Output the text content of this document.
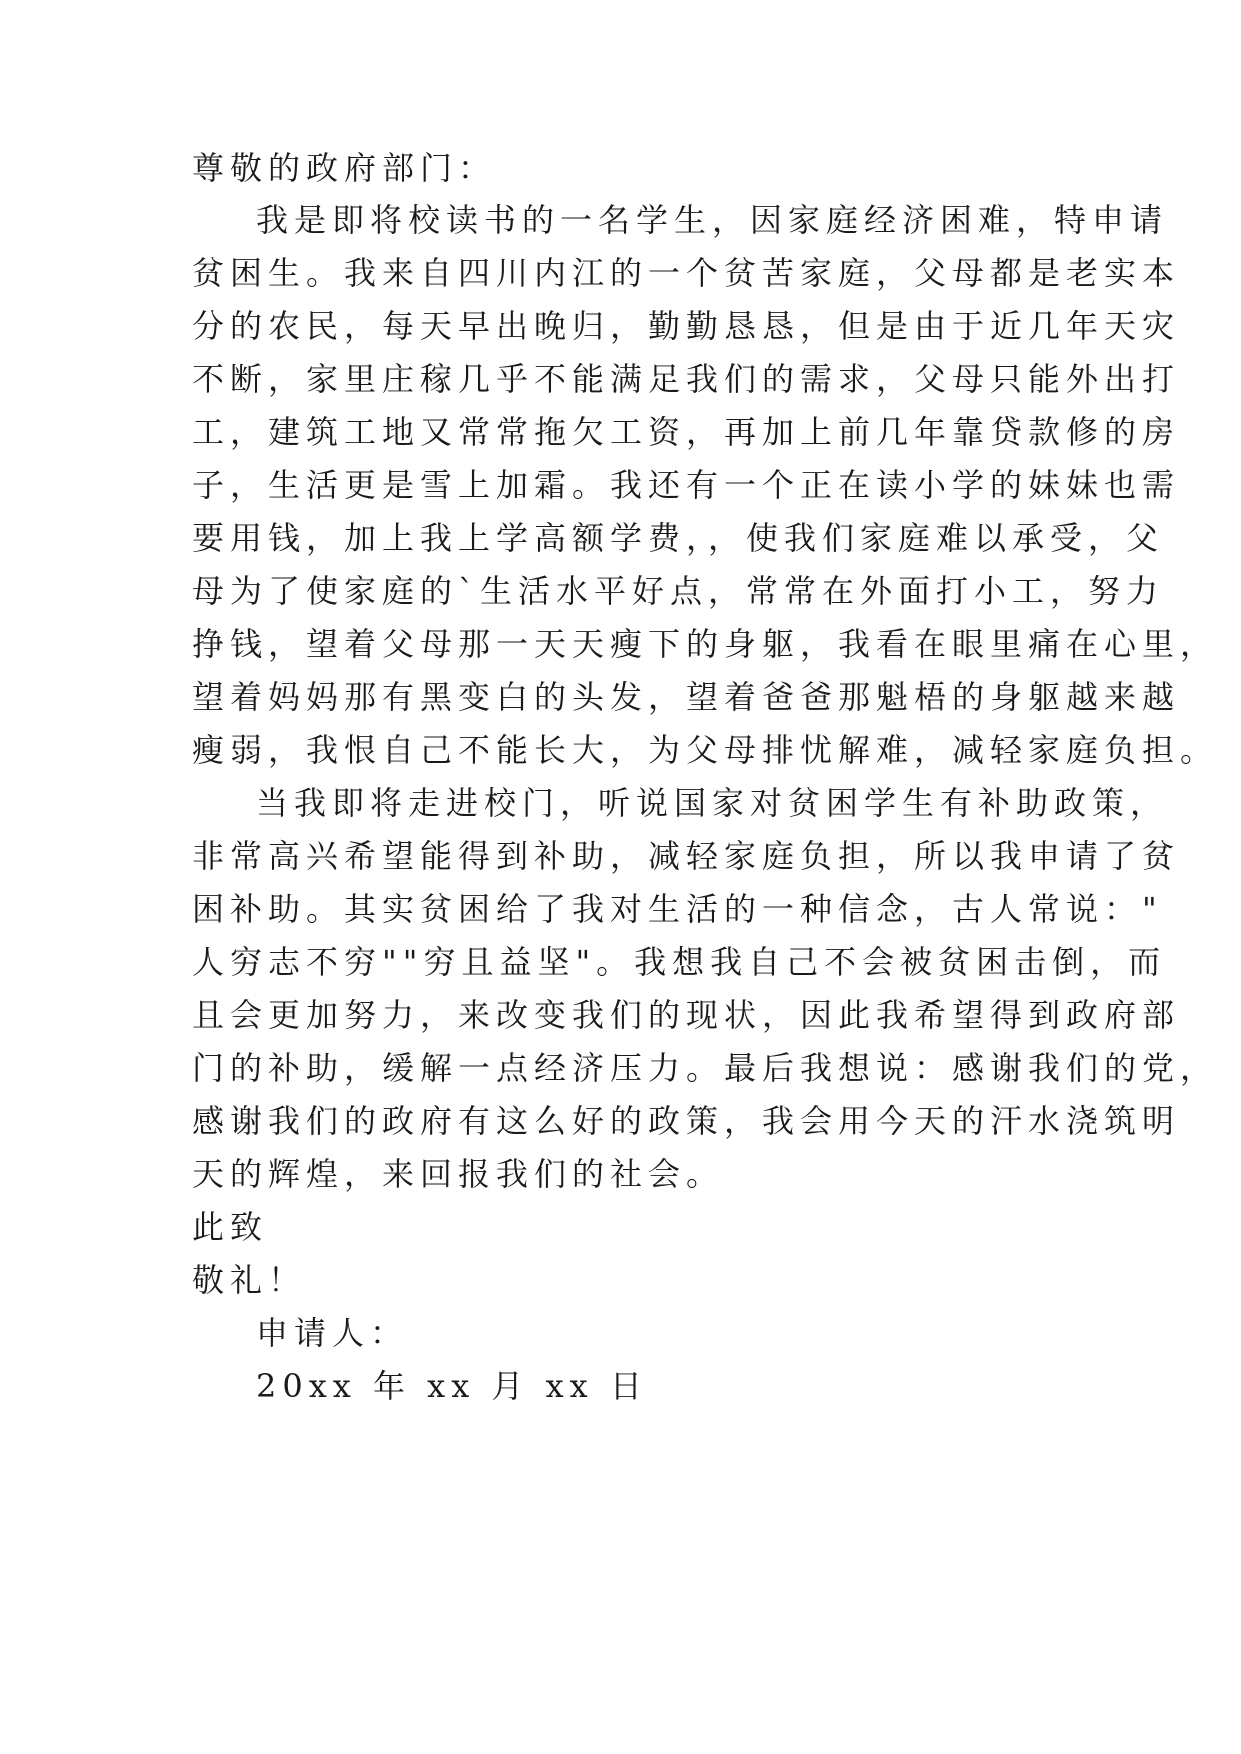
尊敬的政府部门：

我是即将校读书的一名学生，因家庭经济困难，特申请

贫困生。我来自四川内江的一个贫苦家庭，父母都是老实本

分的农民，每天早出晚归，勤勤恳恳，但是由于近几年天灾

不断，家里庄稼几乎不能满足我们的需求，父母只能外出打

工，建筑工地又常常拖欠工资，再加上前几年靠贷款修的房

子，生活更是雪上加霜。我还有一个正在读小学的妹妹也需

要用钱，加上我上学高额学费，，使我们家庭难以承受，父

母为了使家庭的`生活水平好点，常常在外面打小工，努力

挣钱，望着父母那一天天瘦下的身躯，我看在眼里痛在心里，

望着妈妈那有黑变白的头发，望着爸爸那魁梧的身躯越来越

瘦弱，我恨自己不能长大，为父母排忧解难，减轻家庭负担。

当我即将走进校门，听说国家对贫困学生有补助政策，

非常高兴希望能得到补助，减轻家庭负担，所以我申请了贫

困补助。其实贫困给了我对生活的一种信念，古人常说："

人穷志不穷""穷且益坚"。我想我自己不会被贫困击倒，而

且会更加努力，来改变我们的现状，因此我希望得到政府部

门的补助，缓解一点经济压力。最后我想说：感谢我们的党，

感谢我们的政府有这么好的政策，我会用今天的汗水浇筑明

天的辉煌，来回报我们的社会。

此致

敬礼！

申请人：

20xx 年 xx 月 xx 日
